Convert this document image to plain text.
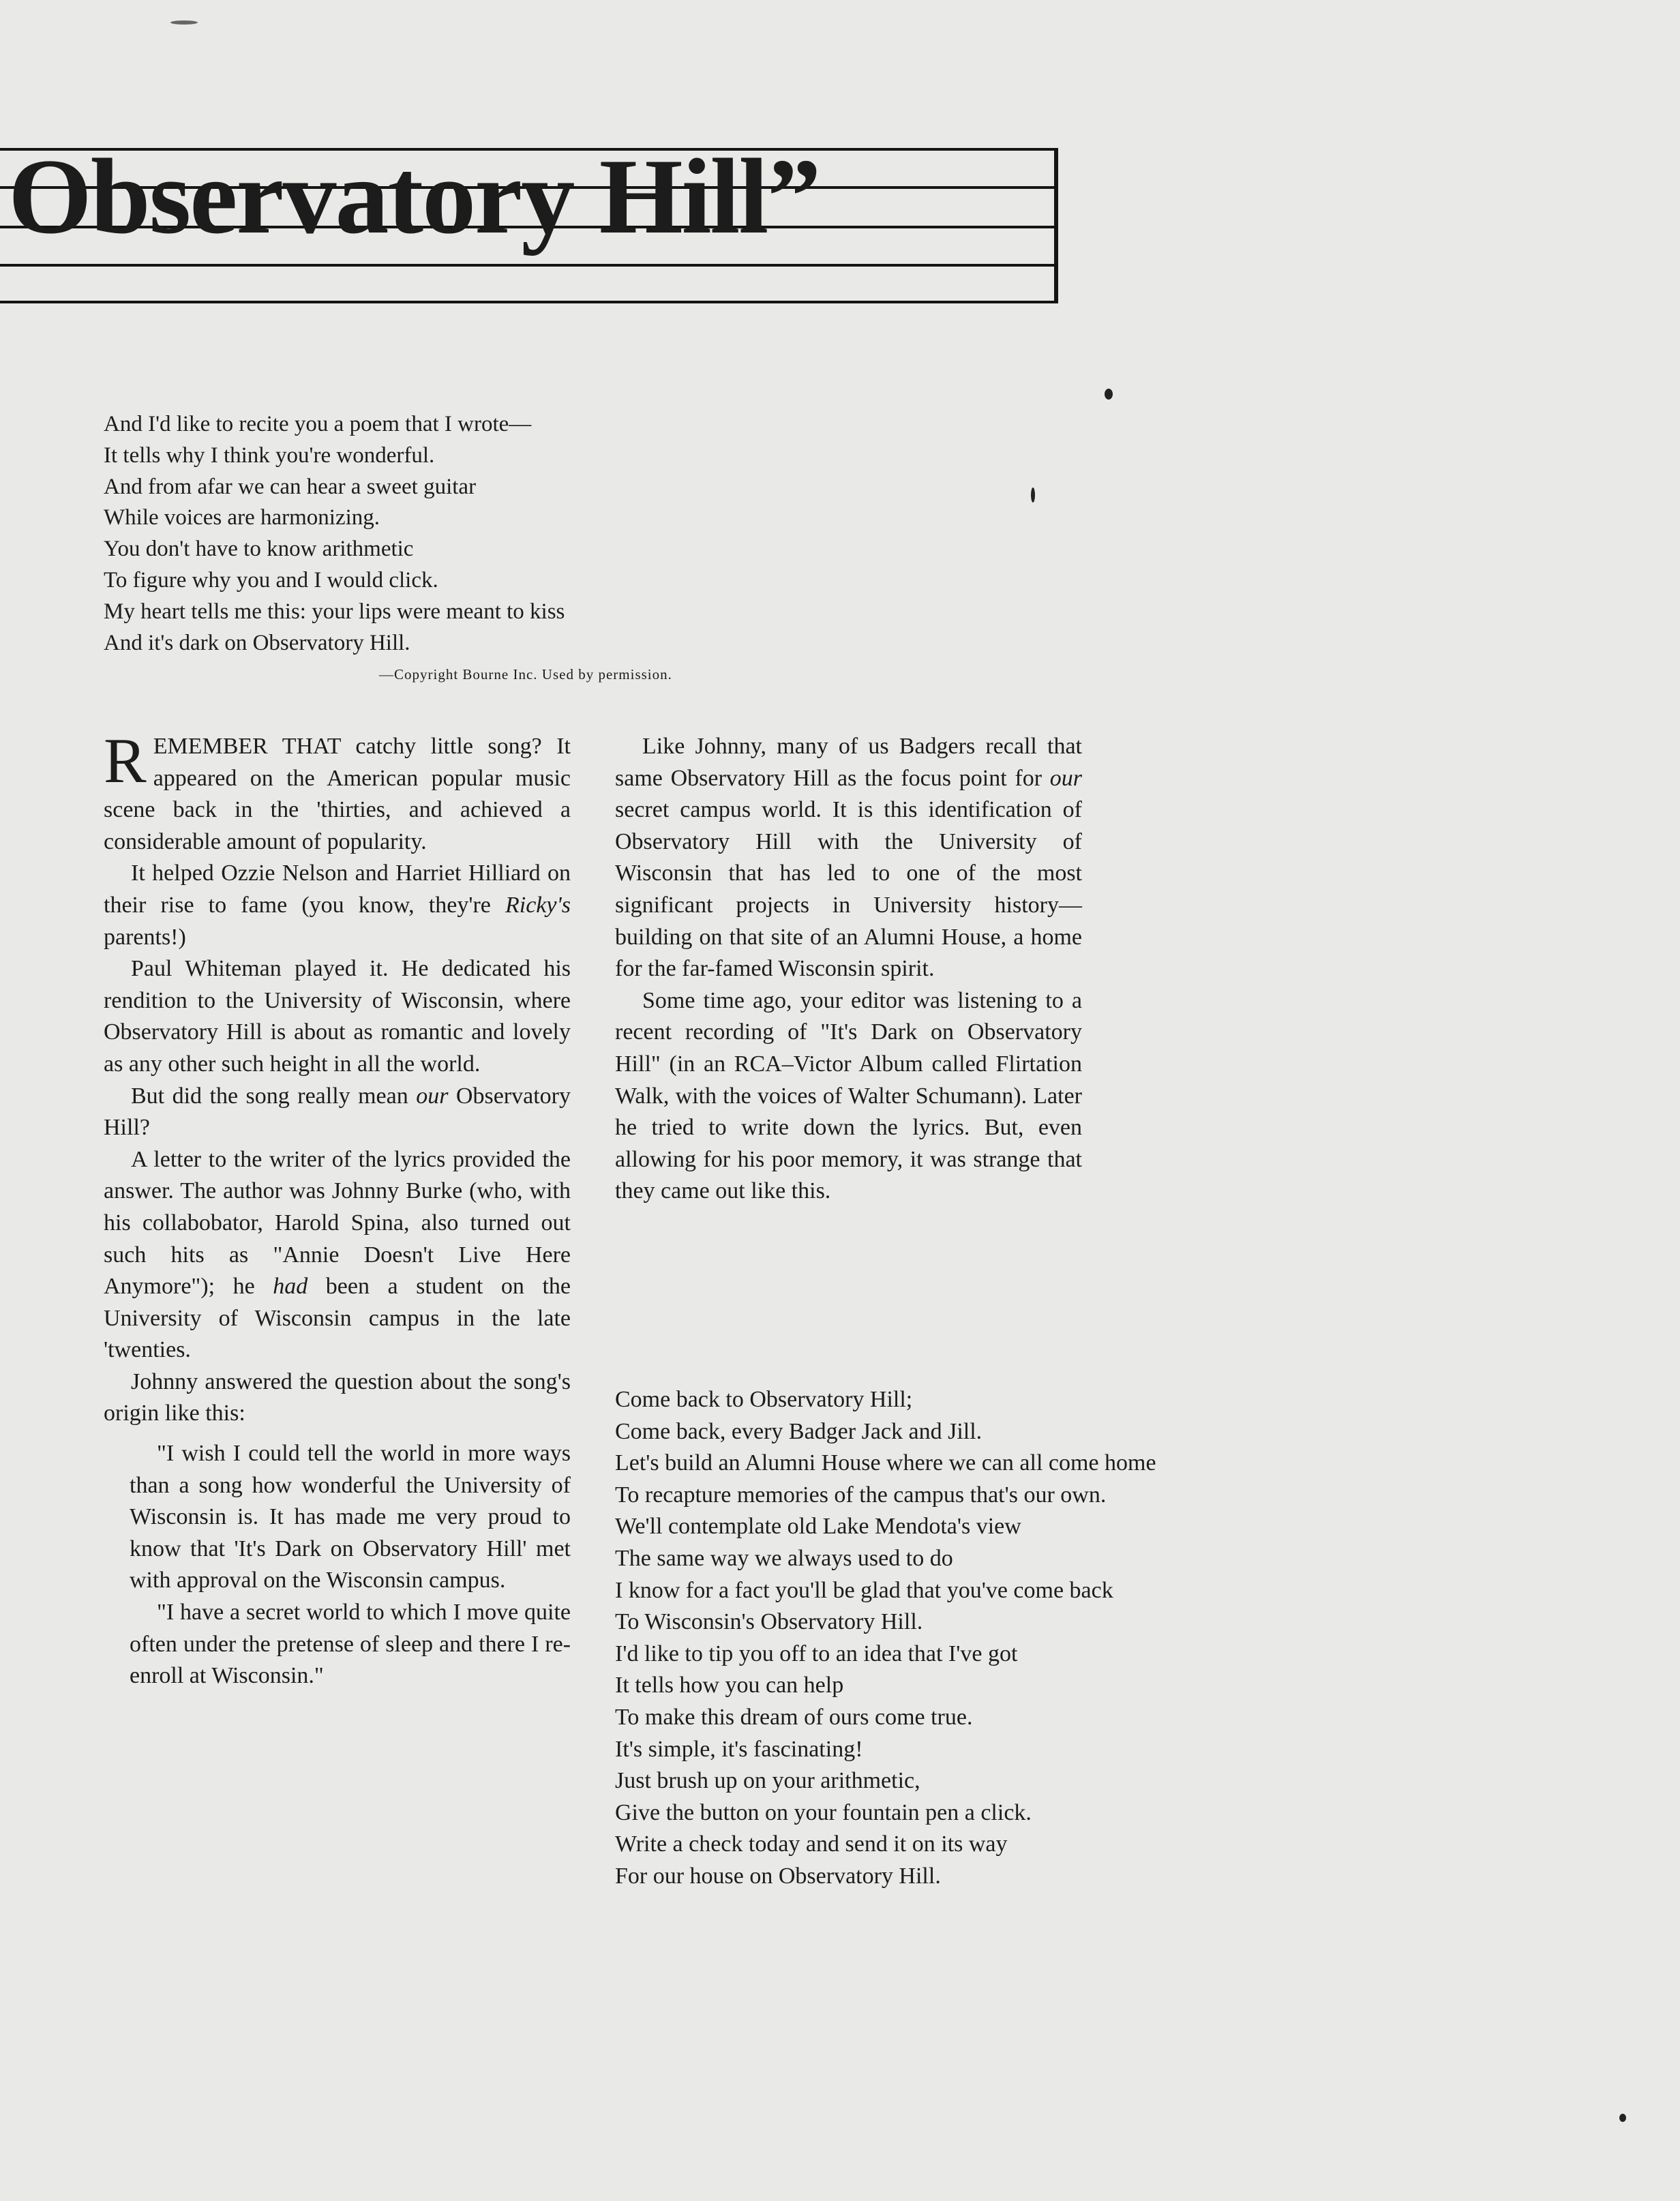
Observatory Hill”
And I'd like to recite you a poem that I wrote—
It tells why I think you're wonderful.
And from afar we can hear a sweet guitar
While voices are harmonizing.
You don't have to know arithmetic
To figure why you and I would click.
My heart tells me this: your lips were meant to kiss
And it's dark on Observatory Hill.
—Copyright Bourne Inc. Used by permission.

REMEMBER THAT catchy little song? It appeared on the American popular music scene back in the 'thirties, and achieved a considerable amount of popularity.

It helped Ozzie Nelson and Harriet Hilliard on their rise to fame (you know, they're Ricky's parents!)

Paul Whiteman played it. He dedicated his rendition to the University of Wisconsin, where Observatory Hill is about as romantic and lovely as any other such height in all the world.

But did the song really mean our Observatory Hill?

A letter to the writer of the lyrics provided the answer. The author was Johnny Burke (who, with his collabobator, Harold Spina, also turned out such hits as "Annie Doesn't Live Here Anymore"); he had been a student on the University of Wisconsin campus in the late 'twenties.

Johnny answered the question about the song's origin like this:

"I wish I could tell the world in more ways than a song how wonderful the University of Wisconsin is. It has made me very proud to know that 'It's Dark on Observatory Hill' met with approval on the Wisconsin campus.

"I have a secret world to which I move quite often under the pretense of sleep and there I re-enroll at Wisconsin."

Like Johnny, many of us Badgers recall that same Observatory Hill as the focus point for our secret campus world. It is this identification of Observatory Hill with the University of Wisconsin that has led to one of the most significant projects in University history—building on that site of an Alumni House, a home for the far-famed Wisconsin spirit.

Some time ago, your editor was listening to a recent recording of "It's Dark on Observatory Hill" (in an RCA–Victor Album called Flirtation Walk, with the voices of Walter Schumann). Later he tried to write down the lyrics. But, even allowing for his poor memory, it was strange that they came out like this.

Come back to Observatory Hill;
Come back, every Badger Jack and Jill.
Let's build an Alumni House where we can all come home
To recapture memories of the campus that's our own.
We'll contemplate old Lake Mendota's view
The same way we always used to do
I know for a fact you'll be glad that you've come back
To Wisconsin's Observatory Hill.
I'd like to tip you off to an idea that I've got
It tells how you can help
To make this dream of ours come true.
It's simple, it's fascinating!
Just brush up on your arithmetic,
Give the button on your fountain pen a click.
Write a check today and send it on its way
For our house on Observatory Hill.
